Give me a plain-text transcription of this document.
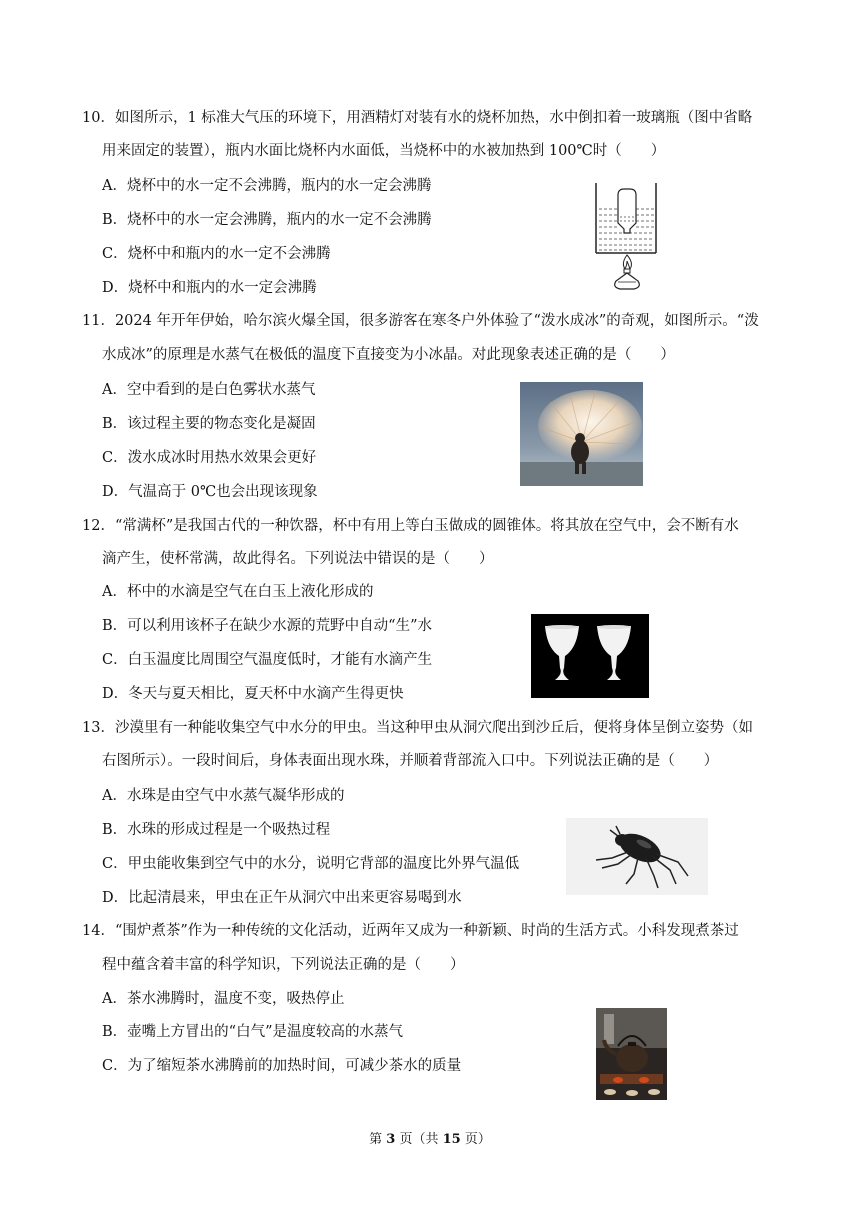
10．如图所示，1 标准大气压的环境下，用酒精灯对装有水的烧杯加热，水中倒扣着一玻璃瓶（图中省略
用来固定的装置），瓶内水面比烧杯内水面低，当烧杯中的水被加热到 100℃时（　　）
A．烧杯中的水一定不会沸腾，瓶内的水一定会沸腾
B．烧杯中的水一定会沸腾，瓶内的水一定不会沸腾
C．烧杯中和瓶内的水一定不会沸腾
D．烧杯中和瓶内的水一定会沸腾
11．2024 年开年伊始，哈尔滨火爆全国，很多游客在寒冬户外体验了“泼水成冰”的奇观，如图所示。“泼
水成冰”的原理是水蒸气在极低的温度下直接变为小冰晶。对此现象表述正确的是（　　）
A．空中看到的是白色雾状水蒸气
B．该过程主要的物态变化是凝固
C．泼水成冰时用热水效果会更好
D．气温高于 0℃也会出现该现象
12．“常满杯”是我国古代的一种饮器，杯中有用上等白玉做成的圆锥体。将其放在空气中，会不断有水
滴产生，使杯常满，故此得名。下列说法中错误的是（　　）
A．杯中的水滴是空气在白玉上液化形成的
B．可以利用该杯子在缺少水源的荒野中自动“生”水
C．白玉温度比周围空气温度低时，才能有水滴产生
D．冬天与夏天相比，夏天杯中水滴产生得更快
13．沙漠里有一种能收集空气中水分的甲虫。当这种甲虫从洞穴爬出到沙丘后，便将身体呈倒立姿势（如
右图所示）。一段时间后，身体表面出现水珠，并顺着背部流入口中。下列说法正确的是（　　）
A．水珠是由空气中水蒸气凝华形成的
B．水珠的形成过程是一个吸热过程
C．甲虫能收集到空气中的水分，说明它背部的温度比外界气温低
D．比起清晨来，甲虫在正午从洞穴中出来更容易喝到水
14．“围炉煮茶”作为一种传统的文化活动，近两年又成为一种新颖、时尚的生活方式。小科发现煮茶过
程中蕴含着丰富的科学知识，下列说法正确的是（　　）
A．茶水沸腾时，温度不变，吸热停止
B．壶嘴上方冒出的“白气”是温度较高的水蒸气
C．为了缩短茶水沸腾前的加热时间，可减少茶水的质量
第 3 页（共 15 页）
